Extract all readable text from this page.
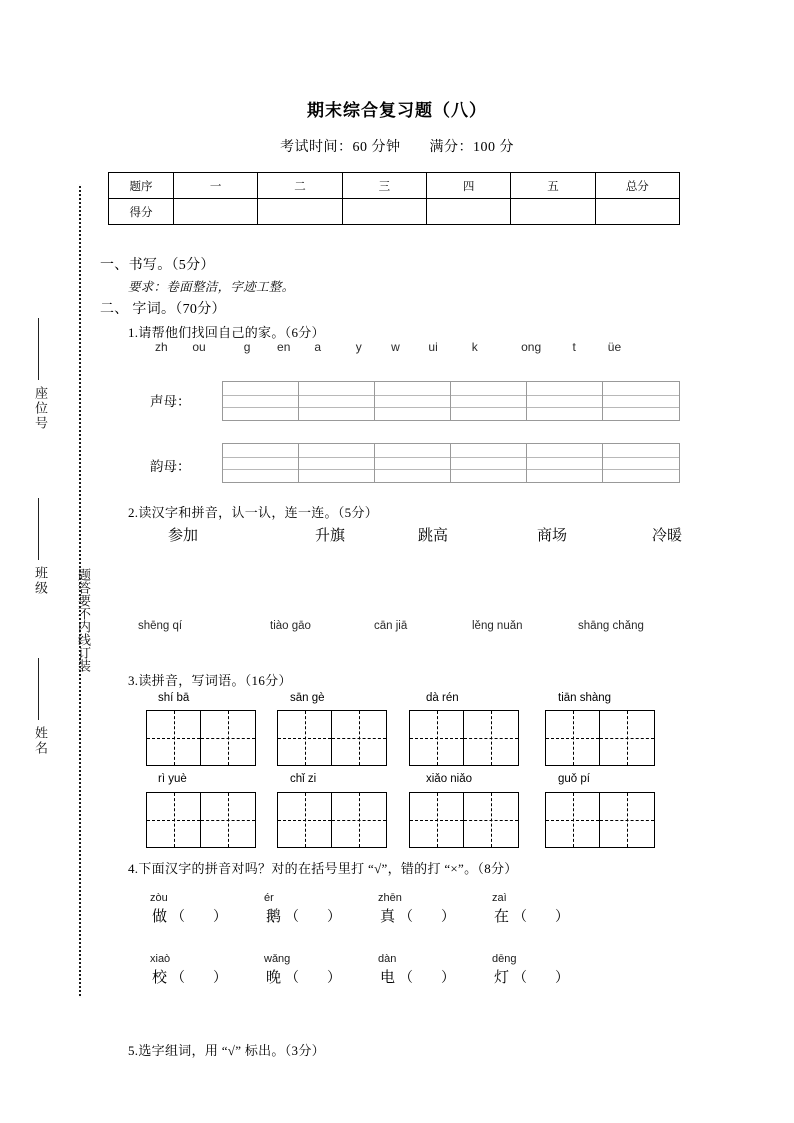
题答要不内线订装
座位号
班级
姓名
期末综合复习题（八）
考试时间：60 分钟　　满分：100 分
题序	一	二	三	四	五	总分
得分						
一、书写。（5分）
要求：卷面整洁，字迹工整。
二、 字词。（70分）
1.请帮他们找回自己的家。（6分）
zh ou	g en a	y w ui	k	ong	t	üe
声母：
韵母：
2.读汉字和拼音，认一认，连一连。（5分）
参加	升旗	跳高	商场	冷暖
shēng qí	tiào gāo	cān jiā	lěng nuǎn	shāng chǎng
3.读拼音，写词语。（16分）
shí bā	sān gè	dà rén	tiān shàng
rì yuè	chǐ zi	xiǎo niǎo	guǒ pí
4.下面汉字的拼音对吗？对的在括号里打 “√”，错的打 “×”。（8分）
zòu
做 （　　）
ér
鹅 （　　）
zhēn
真 （　　）
zaì
在 （　　）
xiaò
校 （　　）
wǎng
晚 （　　）
dàn
电 （　　）
dēng
灯 （　　）
5.选字组词，用 “√” 标出。（3分）
